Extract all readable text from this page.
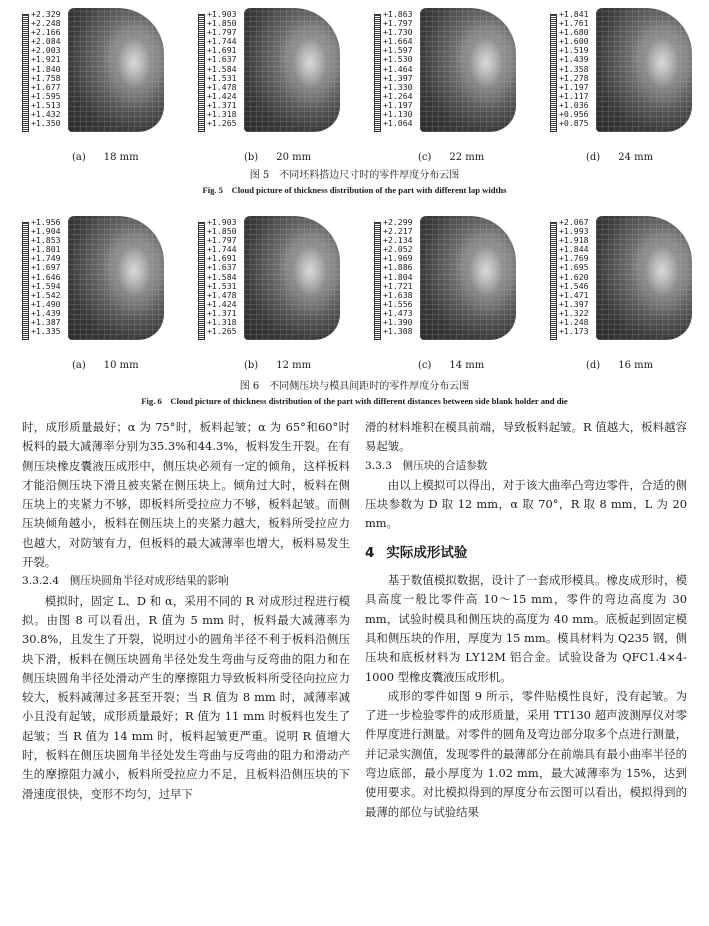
+2.329
+2.248
+2.166
+2.084
+2.003
+1.921
+1.840
+1.758
+1.677
+1.595
+1.513
+1.432
+1.350
+1.903
+1.850
+1.797
+1.744
+1.691
+1.637
+1.584
+1.531
+1.478
+1.424
+1.371
+1.318
+1.265
+1.863
+1.797
+1.730
+1.664
+1.597
+1.530
+1.464
+1.397
+1.330
+1.264
+1.197
+1.130
+1.064
+1.841
+1.761
+1.680
+1.600
+1.519
+1.439
+1.358
+1.278
+1.197
+1.117
+1.036
+0.956
+0.875
(a) 18 mm	(b) 20 mm	(c) 22 mm	(d) 24 mm
图 5　不同坯料搭边尺寸时的零件厚度分布云图
Fig. 5　Cloud picture of thickness distribution of the part with different lap widths
+1.956
+1.904
+1.853
+1.801
+1.749
+1.697
+1.646
+1.594
+1.542
+1.490
+1.439
+1.387
+1.335
+1.903
+1.850
+1.797
+1.744
+1.691
+1.637
+1.584
+1.531
+1.478
+1.424
+1.371
+1.318
+1.265
+2.299
+2.217
+2.134
+2.052
+1.969
+1.886
+1.804
+1.721
+1.638
+1.556
+1.473
+1.390
+1.308
+2.067
+1.993
+1.918
+1.844
+1.769
+1.695
+1.620
+1.546
+1.471
+1.397
+1.322
+1.248
+1.173
(a) 10 mm	(b) 12 mm	(c) 14 mm	(d) 16 mm
图 6　不同侧压块与模具间距时的零件厚度分布云图
Fig. 6　Cloud picture of thickness distribution of the part with different distances between side blank holder and die

时，成形质量最好；α 为 75°时，板料起皱；α 为 65°和60°时板料的最大减薄率分别为35.3%和44.3%，板料发生开裂。在有侧压块橡皮囊液压成形中，侧压块必须有一定的倾角，这样板料才能沿侧压块下滑且被夹紧在侧压块上。倾角过大时，板料在侧压块上的夹紧力不够，即板料所受拉应力不够，板料起皱。而侧压块倾角越小，板料在侧压块上的夹紧力越大，板料所受拉应力也越大，对防皱有力，但板料的最大减薄率也增大，板料易发生开裂。

3.3.2.4　侧压块圆角半径对成形结果的影响

模拟时，固定 L、D 和 α，采用不同的 R 对成形过程进行模拟。由图 8 可以看出，R 值为 5 mm 时，板料最大减薄率为 30.8%，且发生了开裂，说明过小的圆角半径不利于板料沿侧压块下滑，板料在侧压块圆角半径处发生弯曲与反弯曲的阻力和在侧压块圆角半径处滑动产生的摩擦阻力导致板料所受径向拉应力较大，板料减薄过多甚至开裂；当 R 值为 8 mm 时，减薄率减小且没有起皱，成形质量最好；R 值为 11 mm 时板料也发生了起皱；当 R 值为 14 mm 时，板料起皱更严重。说明 R 值增大时，板料在侧压块圆角半径处发生弯曲与反弯曲的阻力和滑动产生的摩擦阻力减小，板料所受拉应力不足，且板料沿侧压块的下滑速度很快，变形不均匀，过早下

滑的材料堆积在模具前端，导致板料起皱。R 值越大，板料越容易起皱。

3.3.3　侧压块的合适参数

由以上模拟可以得出，对于该大曲率凸弯边零件，合适的侧压块参数为 D 取 12 mm，α 取 70°，R 取 8 mm，L 为 20 mm。

4 实际成形试验

基于数值模拟数据，设计了一套成形模具。橡皮成形时，模具高度一般比零件高 10～15 mm，零件的弯边高度为 30 mm，试验时模具和侧压块的高度为 40 mm。底板起到固定模具和侧压块的作用，厚度为 15 mm。模具材料为 Q235 钢，侧压块和底板材料为 LY12M 铝合金。试验设备为 QFC1.4×4-1000 型橡皮囊液压成形机。

成形的零件如图 9 所示，零件贴模性良好，没有起皱。为了进一步检验零件的成形质量，采用 TT130 超声波测厚仪对零件厚度进行测量。对零件的圆角及弯边部分取多个点进行测量，并记录实测值，发现零件的最薄部分在前端具有最小曲率半径的弯边底部，最小厚度为 1.02 mm，最大减薄率为 15%，达到使用要求。对比模拟得到的厚度分布云图可以看出，模拟得到的最薄的部位与试验结果
